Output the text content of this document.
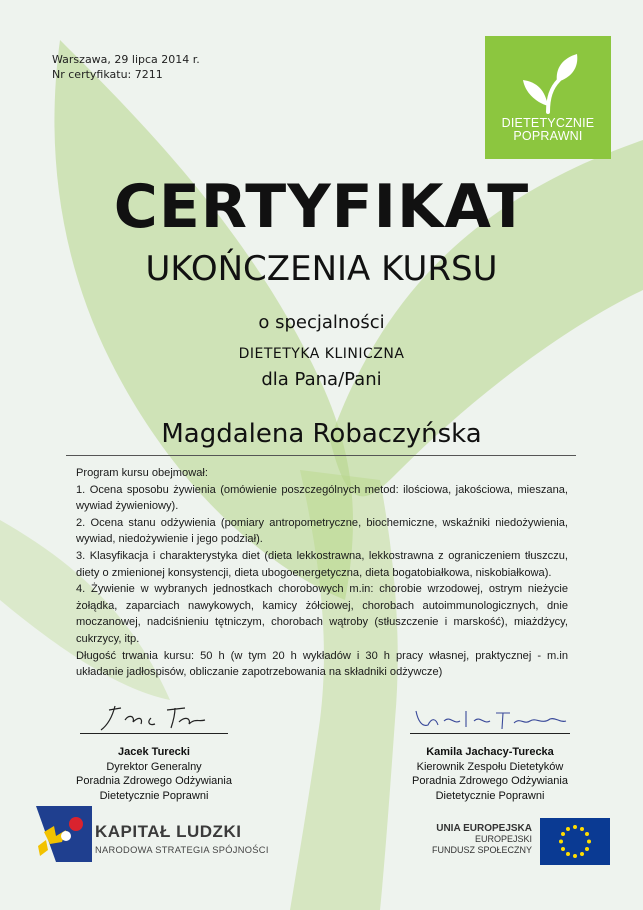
Warszawa, 29 lipca 2014 r.
Nr certyfikatu: 7211
DIETETYCZNIE
POPRAWNI
CERTYFIKAT
UKOŃCZENIA KURSU
o specjalności
DIETETYKA KLINICZNA
dla Pana/Pani
Magdalena Robaczyńska

Program kursu obejmował:

1. Ocena sposobu żywienia (omówienie poszczególnych metod: ilościowa, jakościowa, mieszana, wywiad żywieniowy).

2. Ocena stanu odżywienia (pomiary antropometryczne, biochemiczne, wskaźniki niedożywienia, wywiad, niedożywienie i jego podział).

3. Klasyfikacja i charakterystyka diet (dieta lekkostrawna, lekkostrawna z ograniczeniem tłuszczu, diety o zmienionej konsystencji, dieta ubogoenergetyczna, dieta bogatobiałkowa, niskobiałkowa).

4. Żywienie w wybranych jednostkach chorobowych m.in: chorobie wrzodowej, ostrym nieżycie żołądka, zaparciach nawykowych, kamicy żółciowej, chorobach autoimmunologicznych, dnie moczanowej, nadciśnieniu tętniczym, chorobach wątroby (stłuszczenie i marskość), miażdżycy, cukrzycy, itp.

Długość trwania kursu: 50 h (w tym 20 h wykładów i 30 h pracy własnej, praktycznej - m.in układanie jadłospisów, obliczanie zapotrzebowania na składniki odżywcze)

Jacek Turecki
Dyrektor Generalny
Poradnia Zdrowego Odżywiania
Dietetycznie Poprawni
Kamila Jachacy-Turecka
Kierownik Zespołu Dietetyków
Poradnia Zdrowego Odżywiania
Dietetycznie Poprawni
KAPITAŁ LUDZKI
NARODOWA STRATEGIA SPÓJNOŚCI
UNIA EUROPEJSKA
EUROPEJSKI
FUNDUSZ SPOŁECZNY
